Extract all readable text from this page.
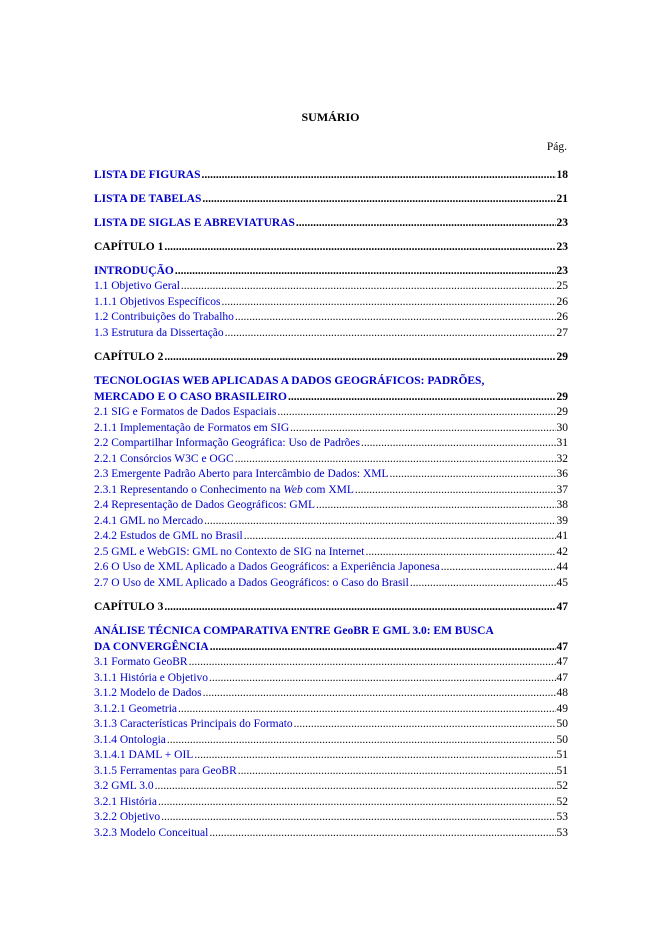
SUMÁRIO
Pág.
LISTA DE FIGURAS .....	18
LISTA DE TABELAS .....	21
LISTA DE SIGLAS E ABREVIATURAS .....	23
CAPÍTULO 1 .....	23
INTRODUÇÃO .....	23
1.1 Objetivo Geral .....	25
1.1.1 Objetivos Específicos .....	26
1.2 Contribuições do Trabalho .....	26
1.3 Estrutura da Dissertação .....	27
CAPÍTULO 2 .....	29
TECNOLOGIAS WEB APLICADAS A DADOS GEOGRÁFICOS: PADRÕES,
MERCADO E O CASO BRASILEIRO .....	29
2.1 SIG e Formatos de Dados Espaciais .....	29
2.1.1 Implementação de Formatos em SIG .....	30
2.2 Compartilhar Informação Geográfica: Uso de Padrões .....	31
2.2.1 Consórcios W3C e OGC .....	32
2.3 Emergente Padrão Aberto para Intercâmbio de Dados: XML .....	36
2.3.1 Representando o Conhecimento na Web com XML .....	37
2.4 Representação de Dados Geográficos: GML .....	38
2.4.1 GML no Mercado .....	39
2.4.2 Estudos de GML no Brasil .....	41
2.5 GML e WebGIS: GML no Contexto de SIG na Internet .....	42
2.6 O Uso de XML Aplicado a Dados Geográficos: a Experiência Japonesa .....	44
2.7 O Uso de XML Aplicado a Dados Geográficos: o Caso do Brasil .....	45
CAPÍTULO 3 .....	47
ANÁLISE TÉCNICA COMPARATIVA ENTRE GeoBR E GML 3.0: EM BUSCA
DA CONVERGÊNCIA .....	47
3.1 Formato GeoBR .....	47
3.1.1 História e Objetivo .....	47
3.1.2 Modelo de Dados .....	48
3.1.2.1 Geometria .....	49
3.1.3 Características Principais do Formato .....	50
3.1.4 Ontologia .....	50
3.1.4.1 DAML + OIL .....	51
3.1.5 Ferramentas para GeoBR .....	51
3.2 GML 3.0 .....	52
3.2.1 História .....	52
3.2.2 Objetivo .....	53
3.2.3 Modelo Conceitual .....	53
